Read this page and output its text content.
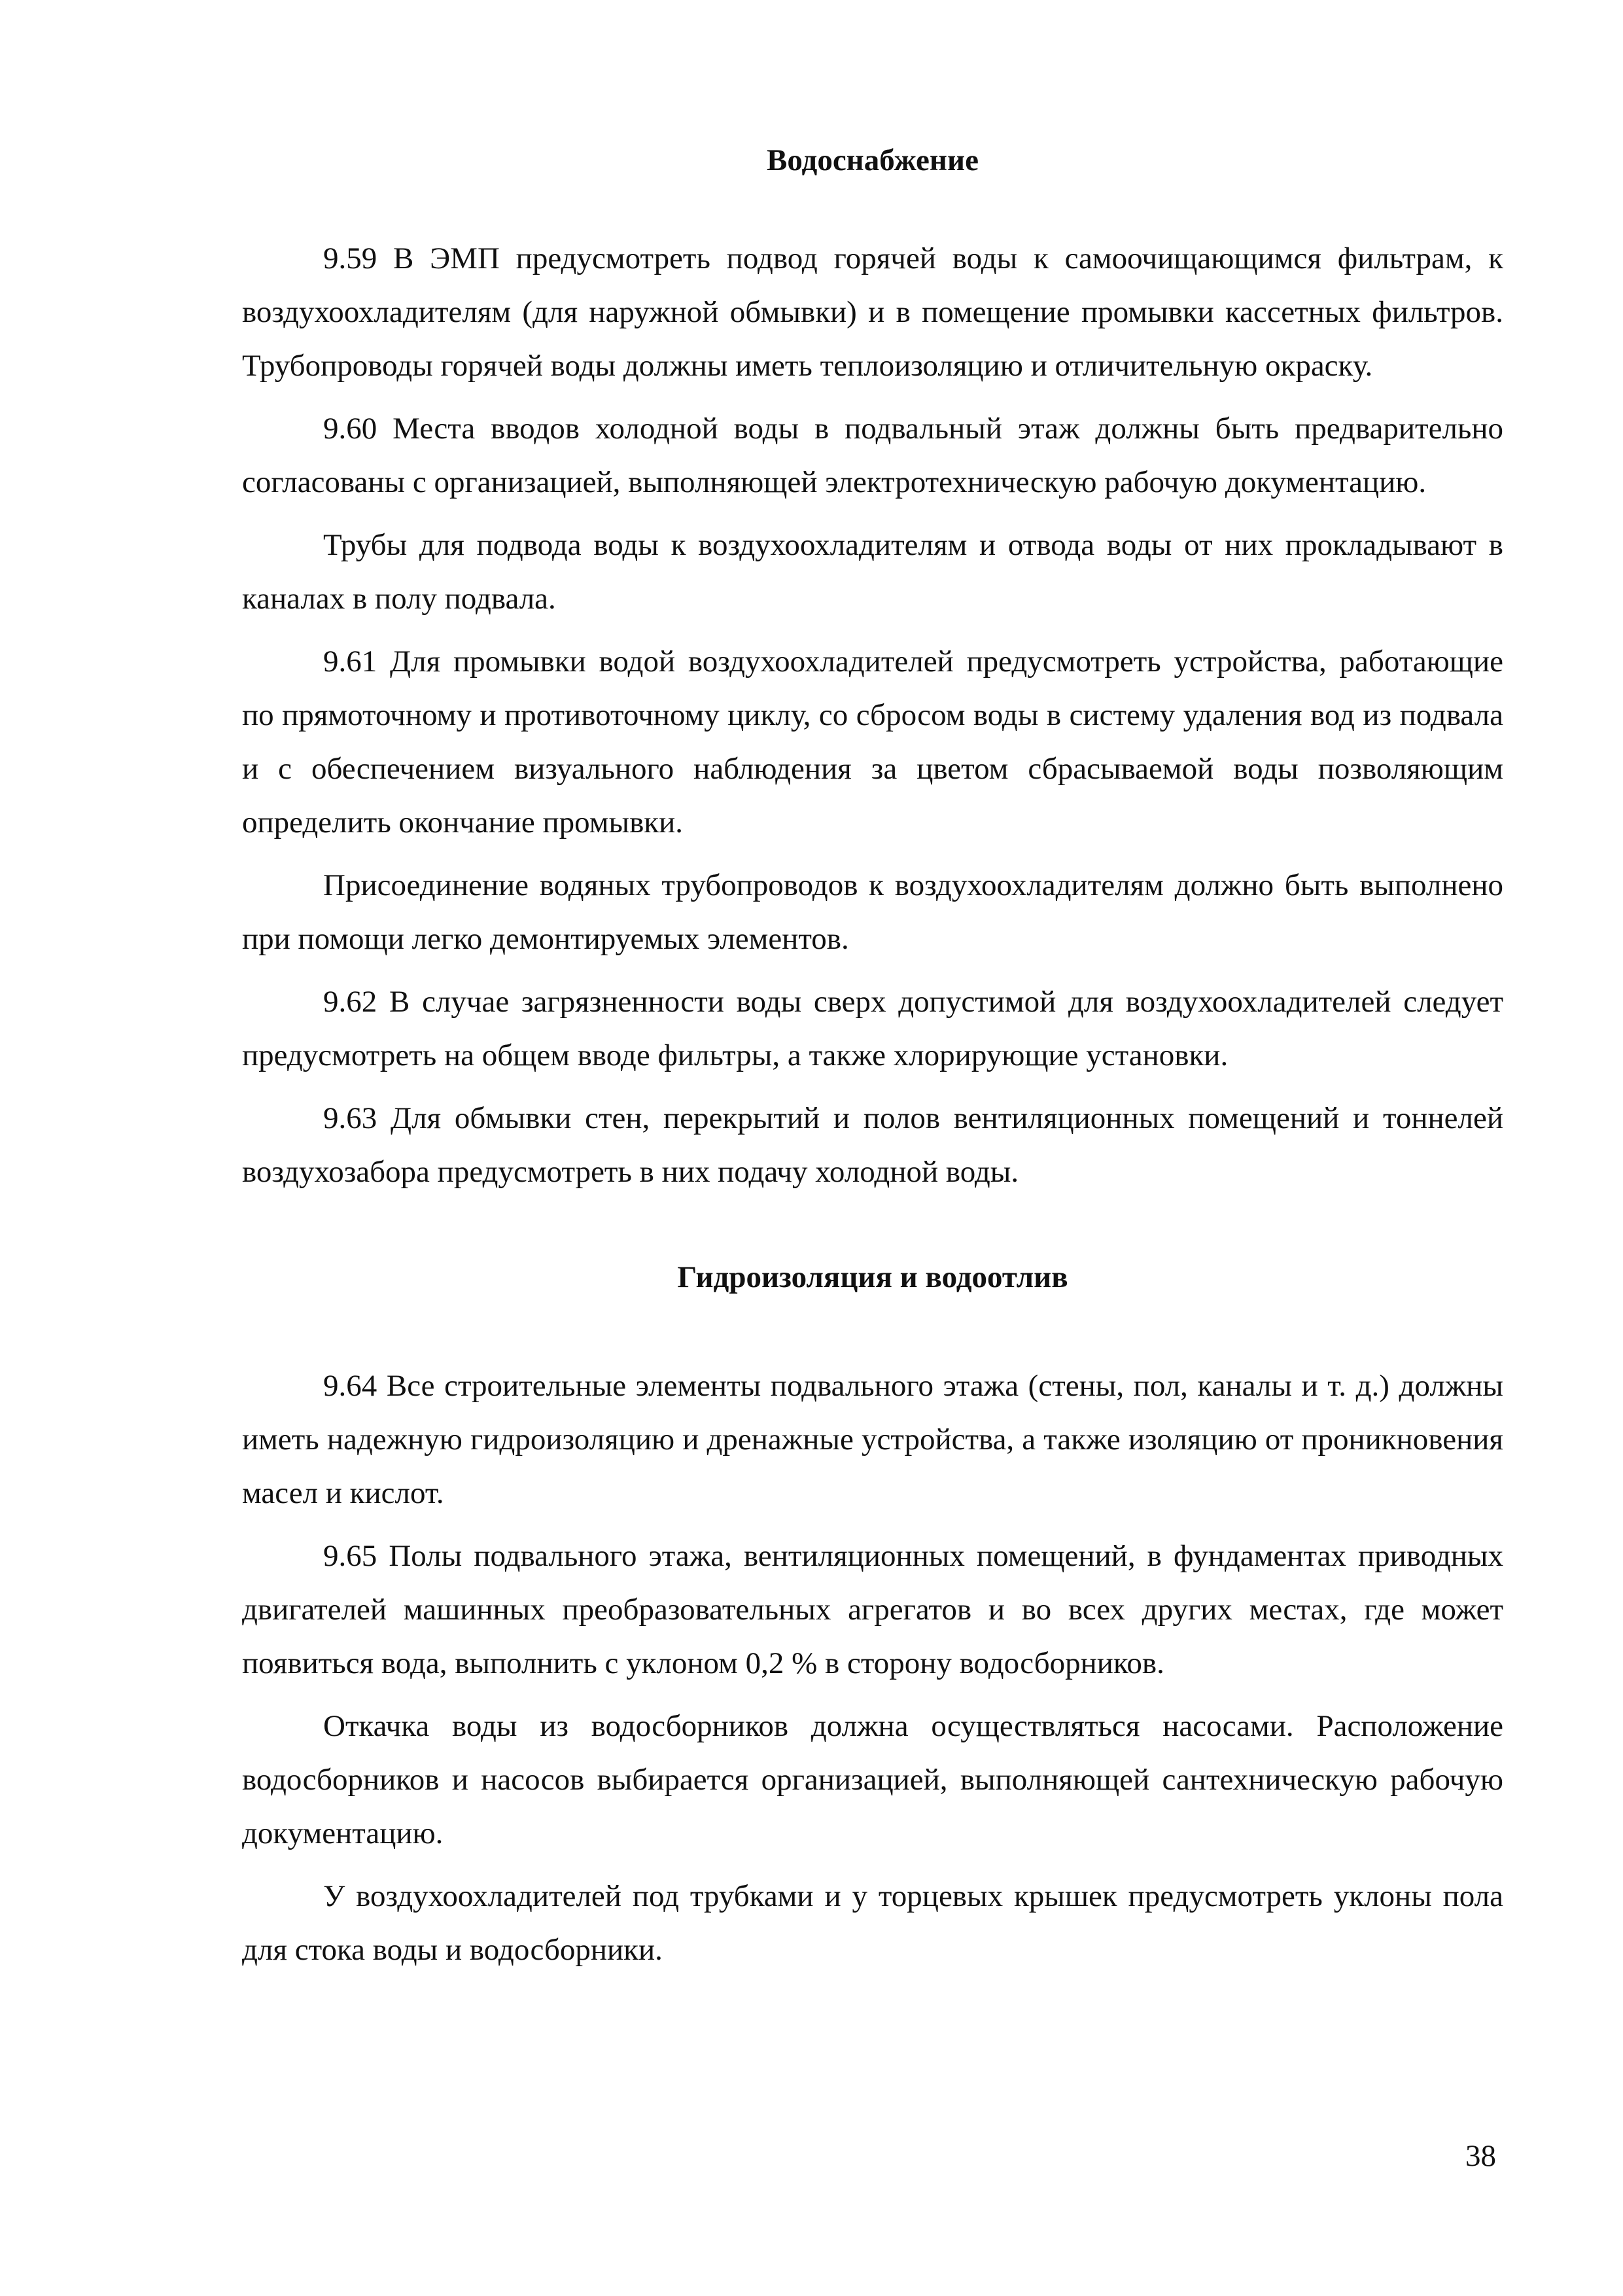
Водоснабжение

9.59 В ЭМП предусмотреть подвод горячей воды к самоочищающимся фильтрам, к воздухоохладителям (для наружной обмывки) и в помещение промывки кассетных фильтров. Трубопроводы горячей воды должны иметь теплоизоляцию и отличительную окраску.

9.60 Места вводов холодной воды в подвальный этаж должны быть предварительно согласованы с организацией, выполняющей электротехническую рабочую документацию.

Трубы для подвода воды к воздухоохладителям и отвода воды от них прокладывают в каналах в полу подвала.

9.61 Для промывки водой воздухоохладителей предусмотреть устройства, работающие по прямоточному и противоточному циклу, со сбросом воды в систему удаления вод из подвала и с обеспечением визуального наблюдения за цветом сбрасываемой воды позволяющим определить окончание промывки.

Присоединение водяных трубопроводов к воздухоохладителям должно быть выполнено при помощи легко демонтируемых элементов.

9.62 В случае загрязненности воды сверх допустимой для воздухоохладителей следует предусмотреть на общем вводе фильтры, а также хлорирующие установки.

9.63 Для обмывки стен, перекрытий и полов вентиляционных помещений и тоннелей воздухозабора предусмотреть в них подачу холодной воды.

Гидроизоляция и водоотлив

9.64 Все строительные элементы подвального этажа (стены, пол, каналы и т. д.) должны иметь надежную гидроизоляцию и дренажные устройства, а также изоляцию от проникновения масел и кислот.

9.65 Полы подвального этажа, вентиляционных помещений, в фундаментах приводных двигателей машинных преобразовательных агрегатов и во всех других местах, где может появиться вода, выполнить с уклоном 0,2 % в сторону водосборников.

Откачка воды из водосборников должна осуществляться насосами. Расположение водосборников и насосов выбирается организацией, выполняющей сантехническую рабочую документацию.

У воздухоохладителей под трубками и у торцевых крышек предусмотреть уклоны пола для стока воды и водосборники.

38
